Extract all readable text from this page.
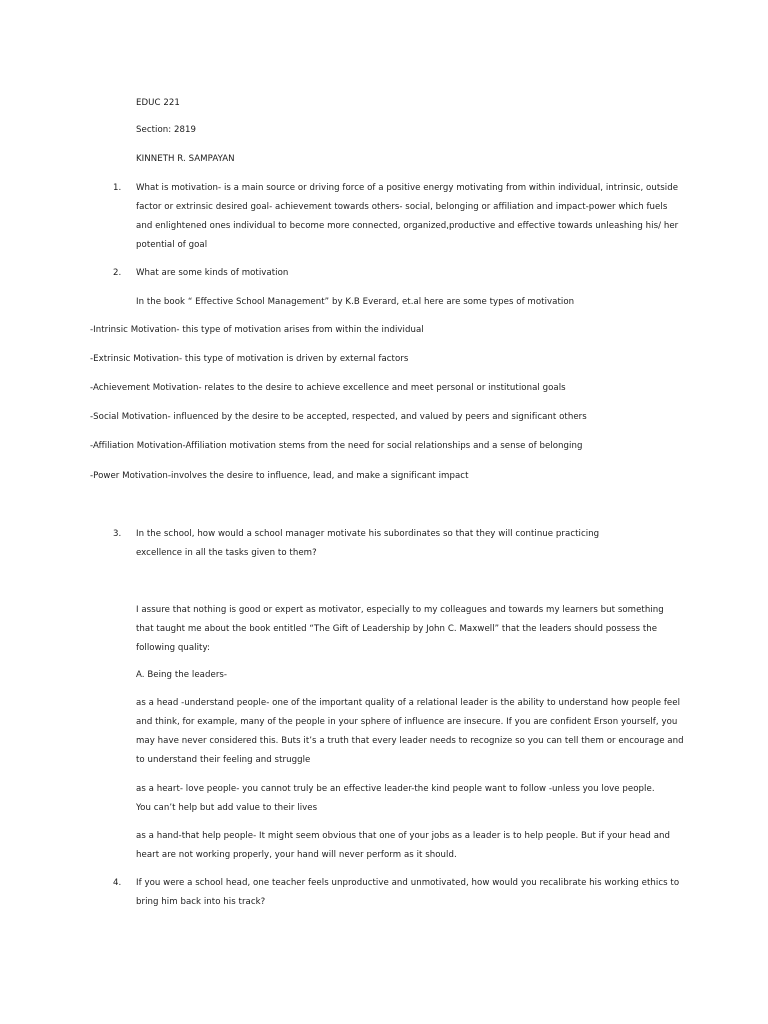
EDUC 221
Section: 2819
KINNETH R. SAMPAYAN
1. What is motivation- is a main source or driving force of a positive energy motivating from within individual, intrinsic, outside factor or extrinsic desired goal- achievement towards others- social, belonging or affiliation and impact-power which fuels and enlightened ones individual to become more connected, organized,productive and effective towards unleashing his/ her potential of goal
2. What are some kinds of motivation
In the book “ Effective School Management” by K.B Everard, et.al here are some types of motivation
-Intrinsic Motivation- this type of motivation arises from within the individual
-Extrinsic Motivation- this type of motivation is driven by external factors
-Achievement Motivation- relates to the desire to achieve excellence and meet personal or institutional goals
-Social Motivation- influenced by the desire to be accepted, respected, and valued by peers and significant others
-Affiliation Motivation-Affiliation motivation stems from the need for social relationships and a sense of belonging
-Power Motivation-involves the desire to influence, lead, and make a significant impact
3. In the school, how would a school manager motivate his subordinates so that they will continue practicing excellence in all the tasks given to them?
I assure that nothing is good or expert as motivator, especially to my colleagues and towards my learners but something that taught me about the book entitled “The Gift of Leadership by John C. Maxwell” that the leaders should possess the following quality:
A. Being the leaders-
as a head -understand people- one of the important quality of a relational leader is the ability to understand how people feel and think, for example, many of the people in your sphere of influence are insecure. If you are confident Erson yourself, you may have never considered this. Buts it’s a truth that every leader needs to recognize so you can tell them or encourage and to understand their feeling and struggle
as a heart- love people- you cannot truly be an effective leader-the kind people want to follow -unless you love people. You can’t help but add value to their lives
as a hand-that help people- It might seem obvious that one of your jobs as a leader is to help people. But if your head and heart are not working properly, your hand will never perform as it should.
4. If you were a school head, one teacher feels unproductive and unmotivated, how would you recalibrate his working ethics to bring him back into his track?
